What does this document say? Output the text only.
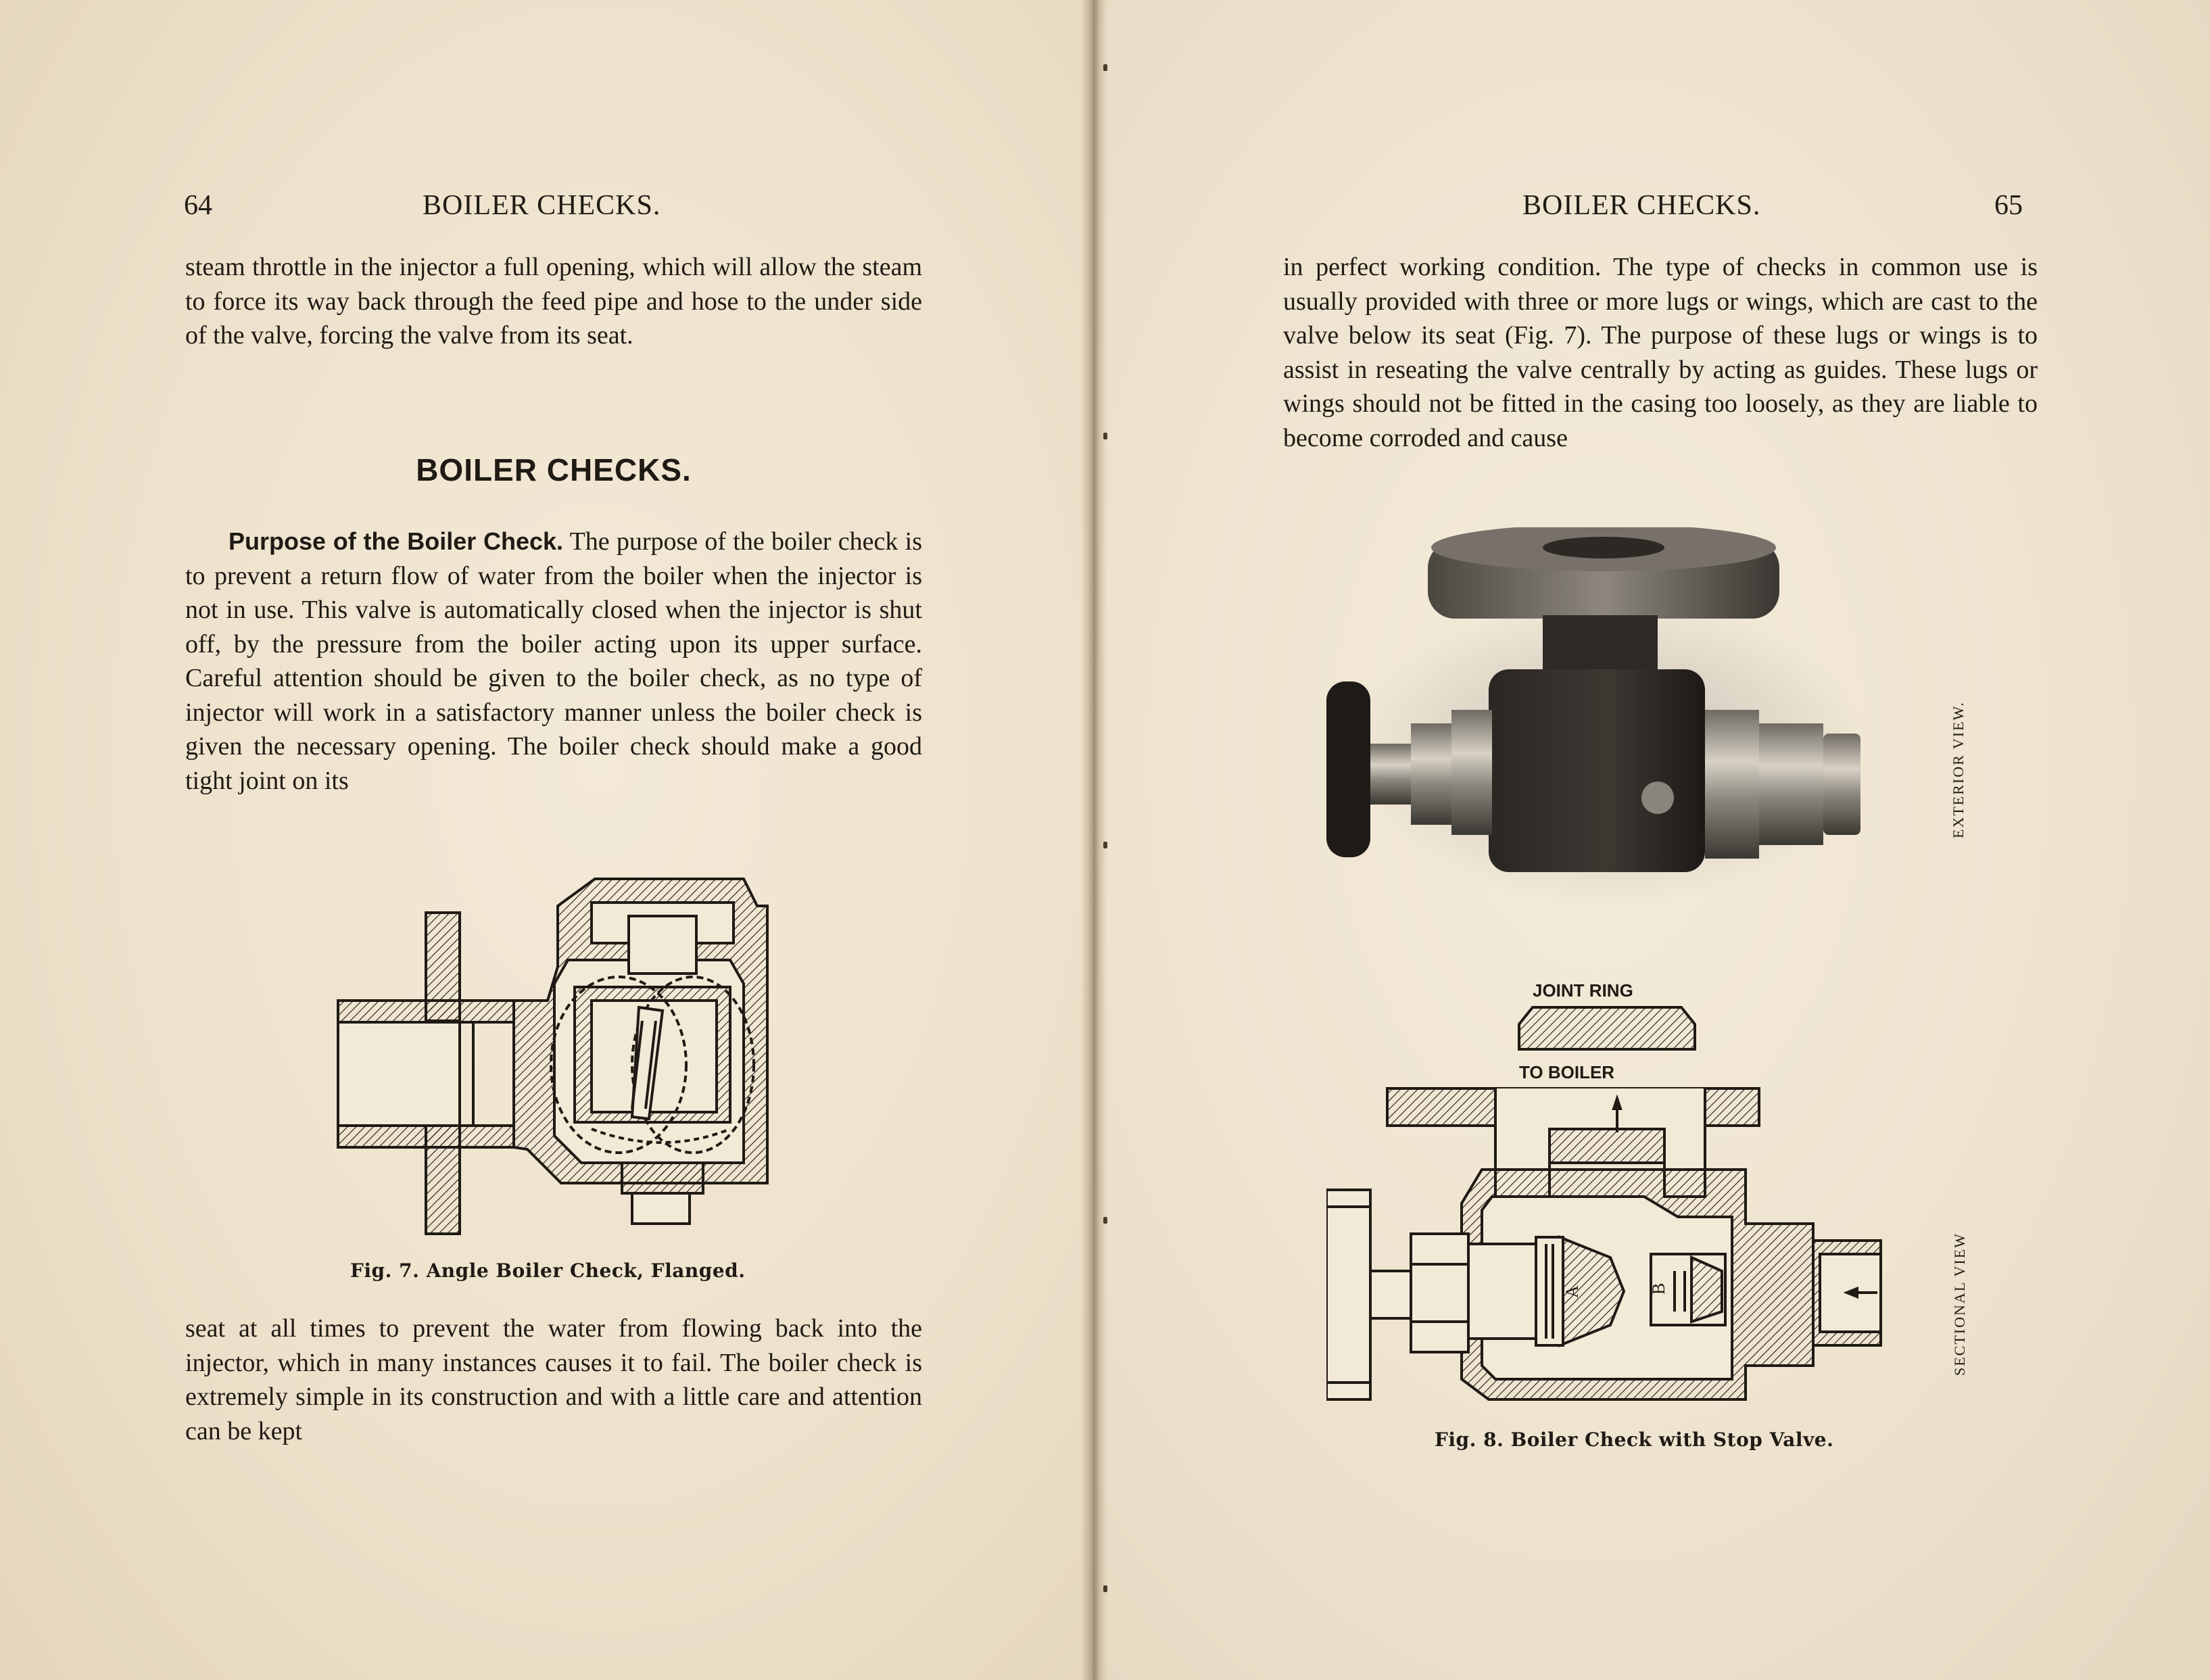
64	BOILER CHECKS.

steam throttle in the injector a full opening, which will allow the steam to force its way back through the feed pipe and hose to the under side of the valve, forcing the valve from its seat.

BOILER CHECKS.

Purpose of the Boiler Check. The purpose of the boiler check is to prevent a return flow of water from the boiler when the injector is not in use. This valve is automatically closed when the injector is shut off, by the pressure from the boiler acting upon its upper surface. Careful attention should be given to the boiler check, as no type of injector will work in a satisfactory manner unless the boiler check is given the necessary opening. The boiler check should make a good tight joint on its

Fig. 7. Angle Boiler Check, Flanged.

seat at all times to prevent the water from flowing back into the injector, which in many instances causes it to fail. The boiler check is extremely simple in its construction and with a little care and attention can be kept

BOILER CHECKS.	65

in perfect working condition. The type of checks in common use is usually provided with three or more lugs or wings, which are cast to the valve below its seat (Fig. 7). The purpose of these lugs or wings is to assist in reseating the valve centrally by acting as guides. These lugs or wings should not be fitted in the casing too loosely, as they are liable to become corroded and cause

EXTERIOR VIEW.
JOINT RING
TO BOILER
A	B	SECTIONAL VIEW
Fig. 8. Boiler Check with Stop Valve.
